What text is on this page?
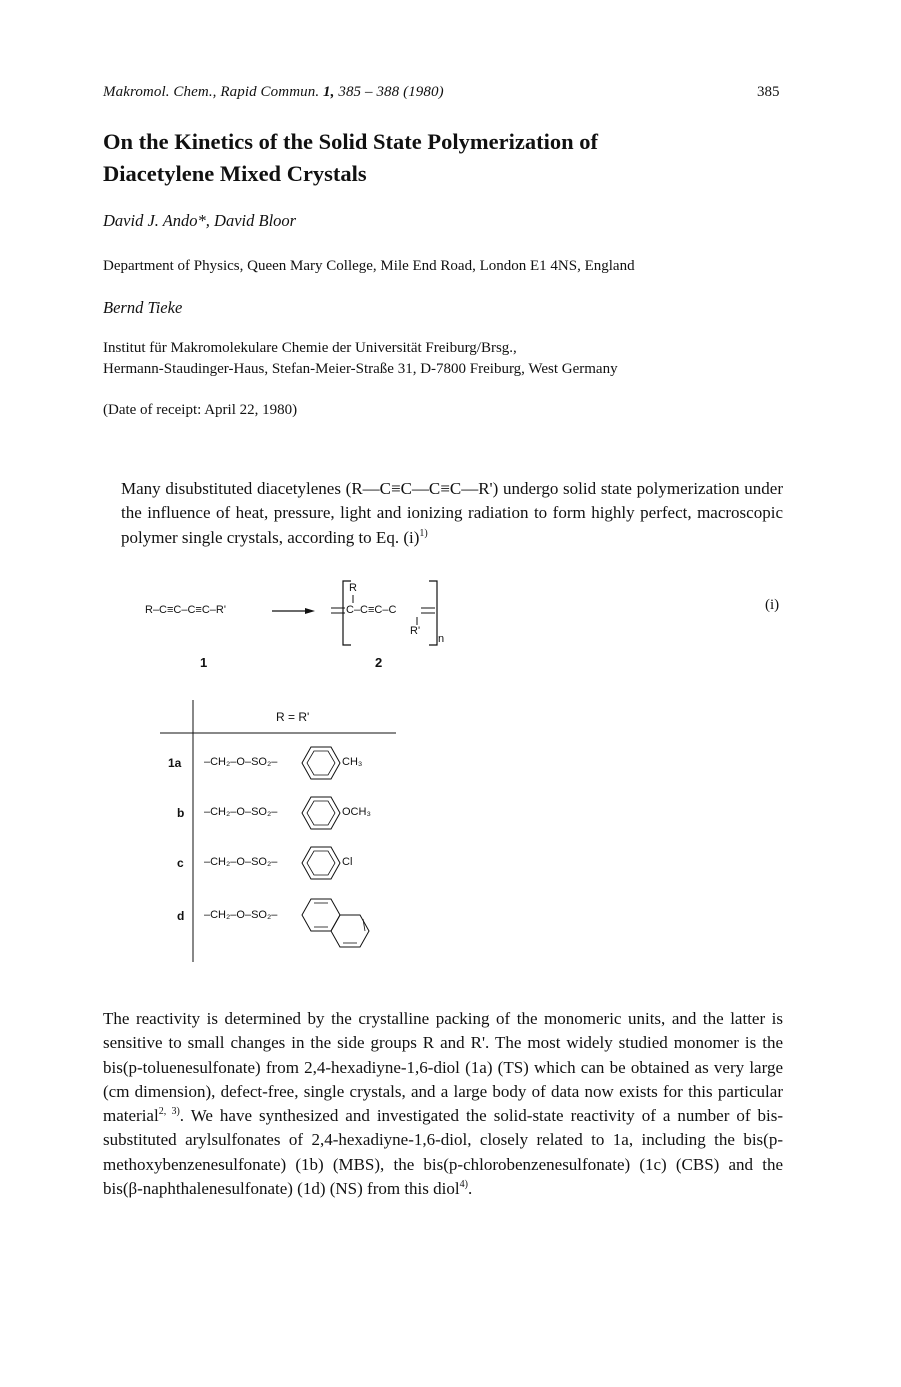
Makromol. Chem., Rapid Commun. 1, 385 – 388 (1980)	385
On the Kinetics of the Solid State Polymerization of
Diacetylene Mixed Crystals
David J. Ando*, David Bloor
Department of Physics, Queen Mary College, Mile End Road, London E1 4NS, England
Bernd Tieke
Institut für Makromolekulare Chemie der Universität Freiburg/Brsg.,
Hermann-Staudinger-Haus, Stefan-Meier-Straße 31, D-7800 Freiburg, West Germany
(Date of receipt: April 22, 1980)
Many disubstituted diacetylenes (R—C≡C—C≡C—R') undergo solid state polymerization under the influence of heat, pressure, light and ionizing radiation to form highly perfect, macroscopic polymer single crystals, according to Eq. $(i)^{1)}$
R–C≡C–C≡C–R'
R
C–C≡C–C
R'
n
1	2
(i)
R = R'
1a –CH₂–O–SO₂–	CH₃
b –CH₂–O–SO₂–	OCH₃
c –CH₂–O–SO₂–	Cl
d –CH₂–O–SO₂–
The reactivity is determined by the crystalline packing of the monomeric units, and the latter is sensitive to small changes in the side groups R and R'. The most widely studied monomer is the bis(p-toluenesulfonate) from 2,4-hexadiyne-1,6-diol (1a) (TS) which can be obtained as very large (cm dimension), defect-free, single crystals, and a large body of data now exists for this particular material$^{2, 3)}$. We have synthesized and investigated the solid-state reactivity of a number of bis-substituted arylsulfonates of 2,4-hexadiyne-1,6-diol, closely related to 1a, including the bis(p-methoxybenzenesulfonate) (1b) (MBS), the bis(p-chlorobenzenesulfonate) (1c) (CBS) and the bis(β-naphthalenesulfonate) (1d) (NS) from this diol$^{4)}$.
